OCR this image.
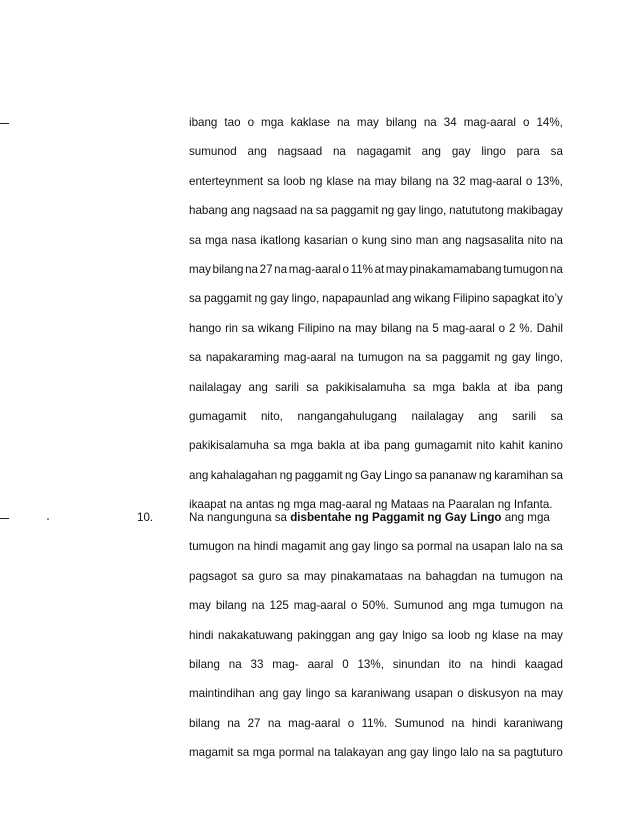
ibang tao o mga kaklase na may bilang na 34 mag-aaral o 14%,
sumunod ang nagsaad na nagagamit ang gay lingo para sa
enterteynment sa loob ng klase na may bilang na 32 mag-aaral o 13%,
habang ang nagsaad na sa paggamit ng gay lingo, natututong makibagay
sa mga nasa ikatlong kasarian o kung sino man ang nagsasalita nito na
may bilang na 27 na mag-aaral o 11% at may pinakamamabang tumugon na
sa paggamit ng gay lingo, napapaunlad ang wikang Filipino sapagkat ito’y
hango rin sa wikang Filipino na may bilang na 5 mag-aaral o 2 %. Dahil
sa napakaraming mag-aaral na tumugon na sa paggamit ng gay lingo,
nailalagay ang sarili sa pakikisalamuha sa mga bakla at iba pang
gumagamit nito, nangangahulugang nailalagay ang sarili sa
pakikisalamuha sa mga bakla at iba pang gumagamit nito kahit kanino
ang kahalagahan ng paggamit ng Gay Lingo sa pananaw ng karamihan sa
ikaapat na antas ng mga mag-aaral ng Mataas na Paaralan ng Infanta.
10.	Na nangunguna sa disbentahe ng Paggamit ng Gay Lingo ang mga
tumugon na hindi magamit ang gay lingo sa pormal na usapan lalo na sa
pagsagot sa guro sa may pinakamataas na bahagdan na tumugon na
may bilang na 125 mag-aaral o 50%. Sumunod ang mga tumugon na
hindi nakakatuwang pakinggan ang gay lnigo sa loob ng klase na may
bilang na 33 mag- aaral 0 13%, sinundan ito na hindi kaagad
maintindihan ang gay lingo sa karaniwang usapan o diskusyon na may
bilang na 27 na mag-aaral o 11%. Sumunod na hindi karaniwang
magamit sa mga pormal na talakayan ang gay lingo lalo na sa pagtuturo
